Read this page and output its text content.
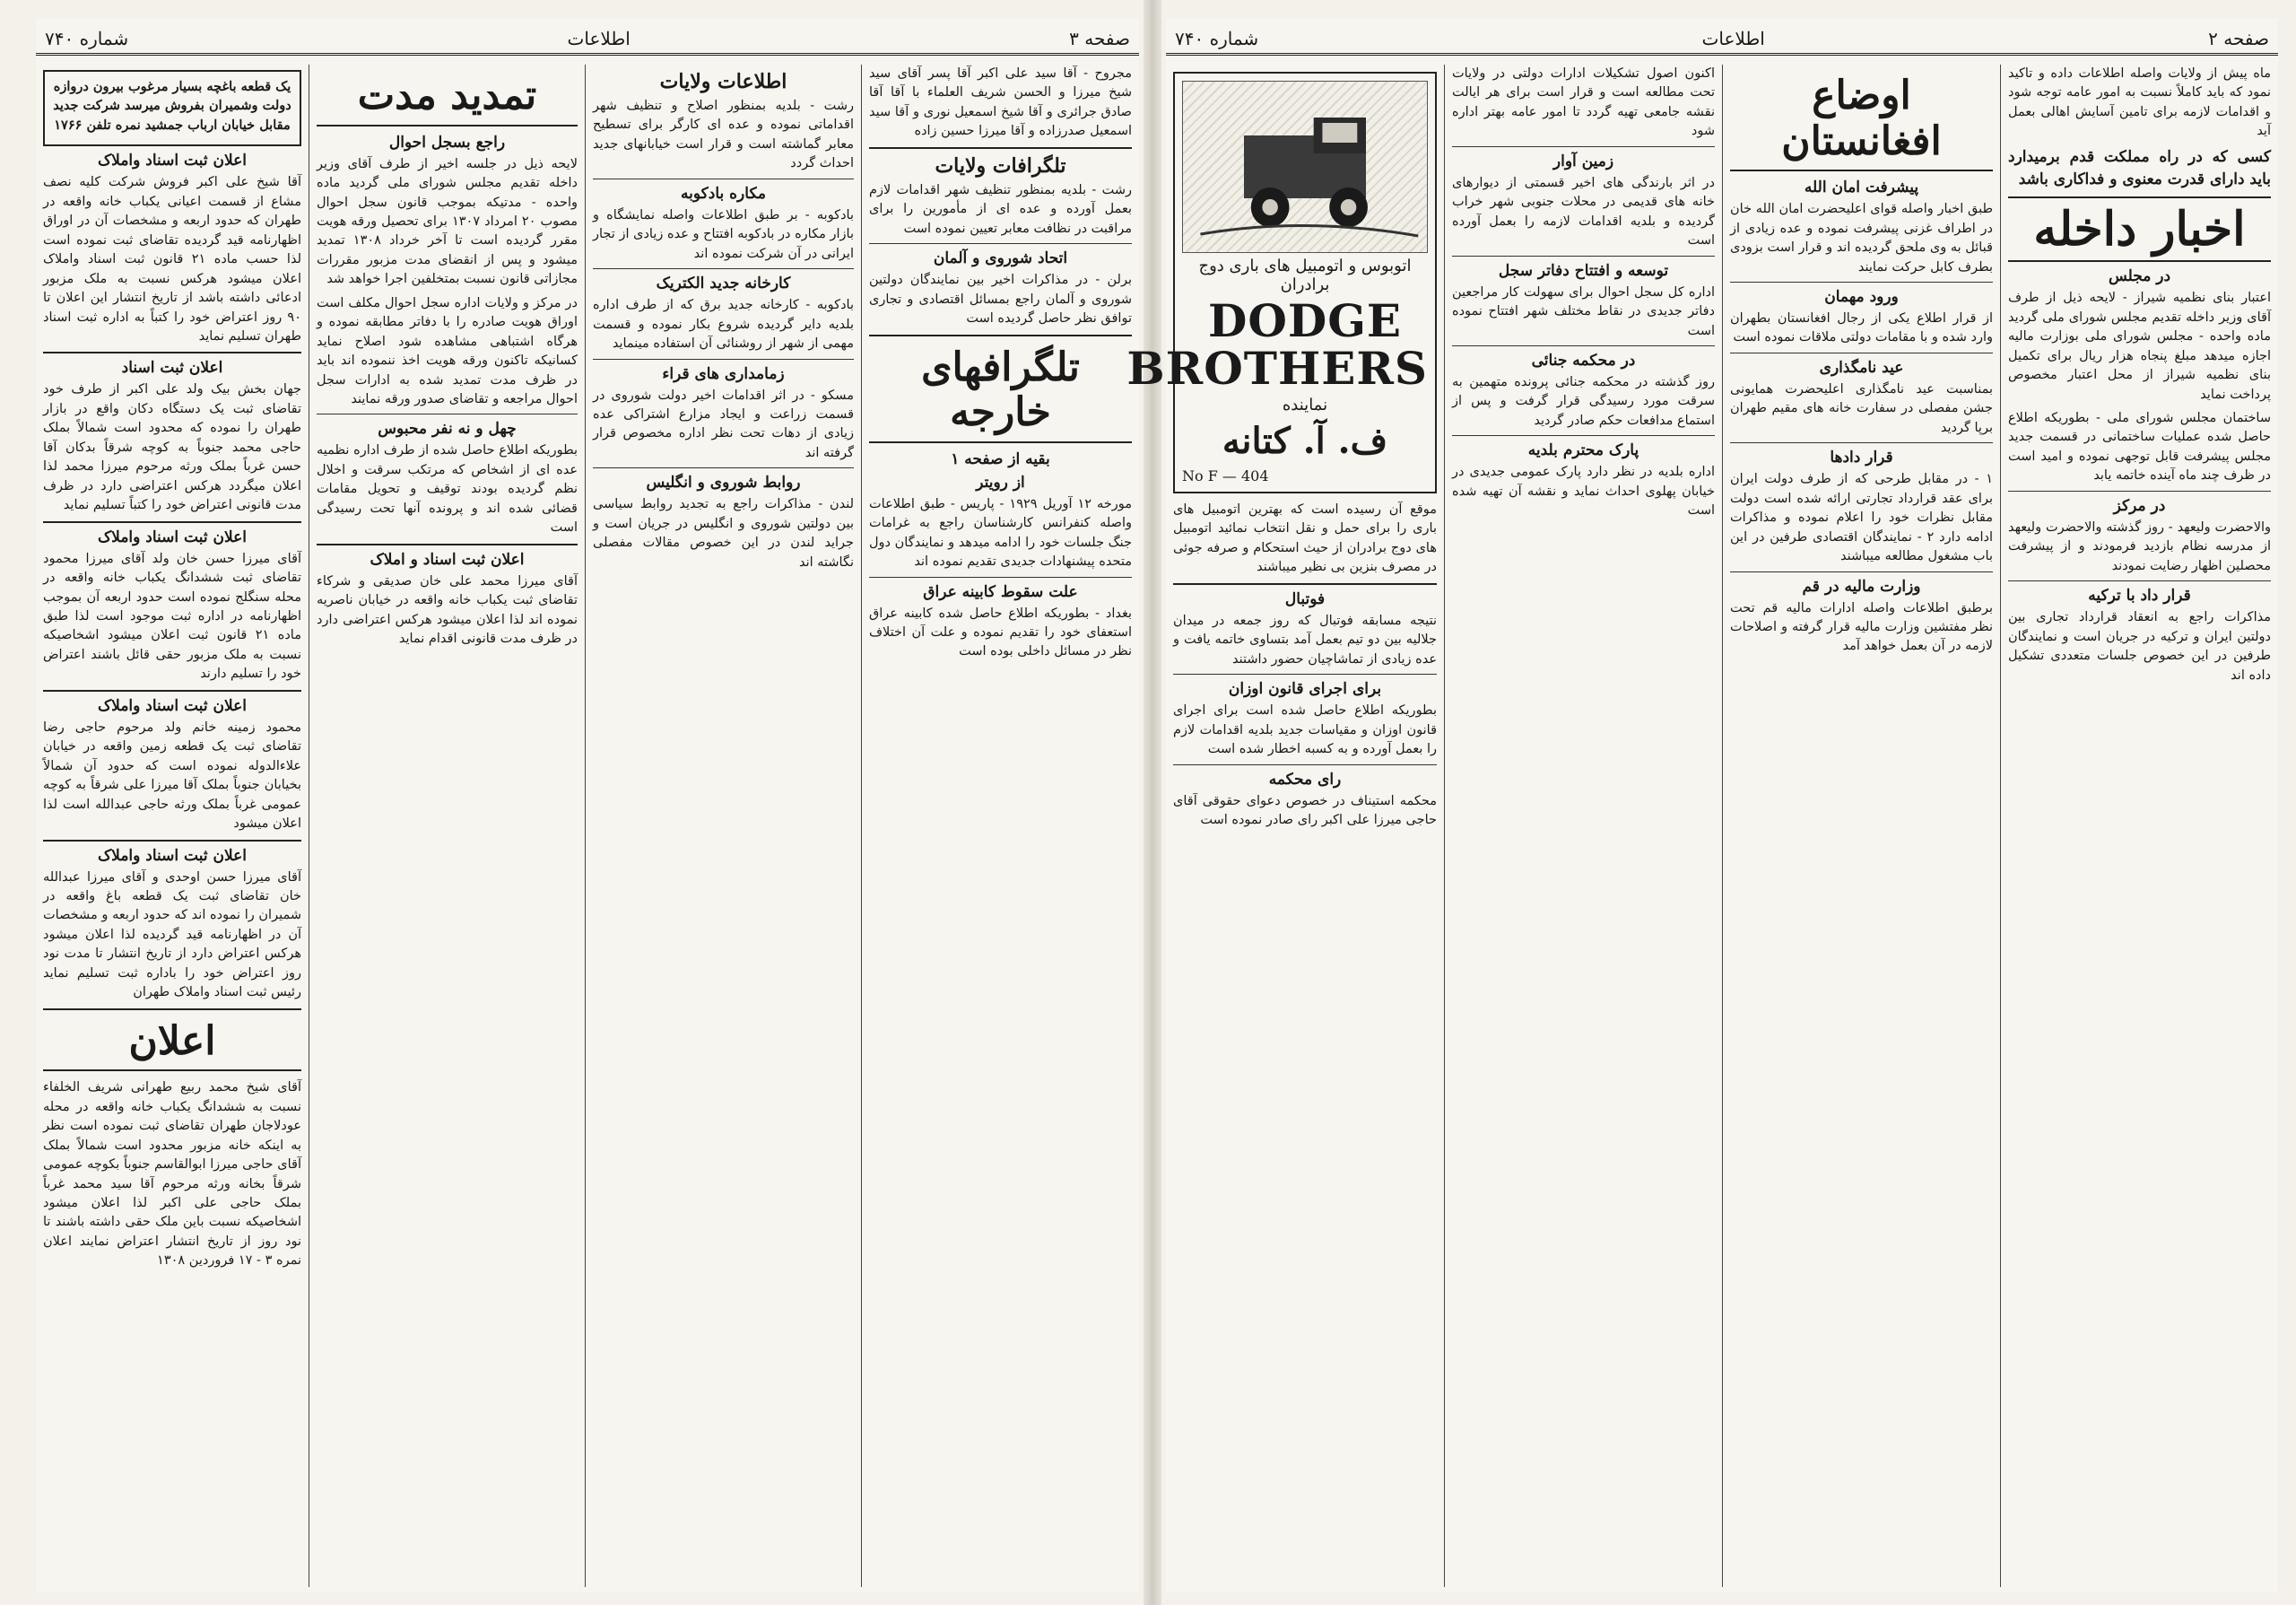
صفحه ۳
اطلاعات
شماره ۷۴۰

مجروح - آقا سید علی اکبر آقا پسر آقای سید شیخ میرزا و الحسن شریف العلماء با آقا آقا صادق جرائری و آقا شیخ اسمعیل نوری و آقا سید اسمعیل صدرزاده و آقا میرزا حسین زاده

تلگرافات ولایات

رشت - بلدیه بمنظور تنظیف شهر اقدامات لازم بعمل آورده و عده ای از مأمورین را برای مراقبت در نظافت معابر تعیین نموده است

اتحاد شوروی و آلمان

برلن - در مذاکرات اخیر بین نمایندگان دولتین شوروی و آلمان راجع بمسائل اقتصادی و تجاری توافق نظر حاصل گردیده است

تلگرافهای خارجه
بقیه از صفحه ۱
از رویتر

مورخه ۱۲ آوریل ۱۹۲۹ - پاریس - طبق اطلاعات واصله کنفرانس کارشناسان راجع به غرامات جنگ جلسات خود را ادامه میدهد و نمایندگان دول متحده پیشنهادات جدیدی تقدیم نموده اند

علت سقوط کابینه عراق

بغداد - بطوریکه اطلاع حاصل شده کابینه عراق استعفای خود را تقدیم نموده و علت آن اختلاف نظر در مسائل داخلی بوده است

اطلاعات ولایات

رشت - بلدیه بمنظور اصلاح و تنظیف شهر اقداماتی نموده و عده ای کارگر برای تسطیح معابر گماشته است و قرار است خیابانهای جدید احداث گردد

مکاره بادکوبه

بادکوبه - بر طبق اطلاعات واصله نمایشگاه و بازار مکاره در بادکوبه افتتاح و عده زیادی از تجار ایرانی در آن شرکت نموده اند

کارخانه جدید الکتریک

بادکوبه - کارخانه جدید برق که از طرف اداره بلدیه دایر گردیده شروع بکار نموده و قسمت مهمی از شهر از روشنائی آن استفاده مینماید

زمامداری های قراء

مسکو - در اثر اقدامات اخیر دولت شوروی در قسمت زراعت و ایجاد مزارع اشتراکی عده زیادی از دهات تحت نظر اداره مخصوص قرار گرفته اند

روابط شوروی و انگلیس

لندن - مذاکرات راجع به تجدید روابط سیاسی بین دولتین شوروی و انگلیس در جریان است و جراید لندن در این خصوص مقالات مفصلی نگاشته اند

تمدید مدت
راجع بسجل احوال

لایحه ذیل در جلسه اخیر از طرف آقای وزیر داخله تقدیم مجلس شورای ملی گردید ماده واحده - مدتیکه بموجب قانون سجل احوال مصوب ۲۰ امرداد ۱۳۰۷ برای تحصیل ورقه هویت مقرر گردیده است تا آخر خرداد ۱۳۰۸ تمدید میشود و پس از انقضای مدت مزبور مقررات مجازاتی قانون نسبت بمتخلفین اجرا خواهد شد

در مرکز و ولایات اداره سجل احوال مکلف است اوراق هویت صادره را با دفاتر مطابقه نموده و هرگاه اشتباهی مشاهده شود اصلاح نماید کسانیکه تاکنون ورقه هویت اخذ ننموده اند باید در ظرف مدت تمدید شده به ادارات سجل احوال مراجعه و تقاضای صدور ورقه نمایند

چهل و نه نفر محبوس

بطوریکه اطلاع حاصل شده از طرف اداره نظمیه عده ای از اشخاص که مرتکب سرقت و اخلال نظم گردیده بودند توقیف و تحویل مقامات قضائی شده اند و پرونده آنها تحت رسیدگی است

اعلان ثبت اسناد و املاک

آقای میرزا محمد علی خان صدیقی و شرکاء تقاضای ثبت یکباب خانه واقعه در خیابان ناصریه نموده اند لذا اعلان میشود هرکس اعتراضی دارد در ظرف مدت قانونی اقدام نماید

یک قطعه باغچه بسیار مرغوب بیرون دروازه دولت وشمیران بفروش میرسد شرکت جدید مقابل خیابان ارباب جمشید نمره تلفن ۱۷۶۶

اعلان ثبت اسناد واملاک

آقا شیخ علی اکبر فروش شرکت کلیه نصف مشاع از قسمت اعیانی یکباب خانه واقعه در طهران که حدود اربعه و مشخصات آن در اوراق اظهارنامه قید گردیده تقاضای ثبت نموده است لذا حسب ماده ۲۱ قانون ثبت اسناد واملاک اعلان میشود هرکس نسبت به ملک مزبور ادعائی داشته باشد از تاریخ انتشار این اعلان تا ۹۰ روز اعتراض خود را کتباً به اداره ثبت اسناد طهران تسلیم نماید

اعلان ثبت اسناد

جهان بخش بیک ولد علی اکبر از طرف خود تقاضای ثبت یک دستگاه دکان واقع در بازار طهران را نموده که محدود است شمالاً بملک حاجی محمد جنوباً به کوچه شرقاً بدکان آقا حسن غرباً بملک ورثه مرحوم میرزا محمد لذا اعلان میگردد هرکس اعتراضی دارد در ظرف مدت قانونی اعتراض خود را کتباً تسلیم نماید

اعلان ثبت اسناد واملاک

آقای میرزا حسن خان ولد آقای میرزا محمود تقاضای ثبت ششدانگ یکباب خانه واقعه در محله سنگلج نموده است حدود اربعه آن بموجب اظهارنامه در اداره ثبت موجود است لذا طبق ماده ۲۱ قانون ثبت اعلان میشود اشخاصیکه نسبت به ملک مزبور حقی قائل باشند اعتراض خود را تسلیم دارند

اعلان ثبت اسناد واملاک

محمود زمینه خانم ولد مرحوم حاجی رضا تقاضای ثبت یک قطعه زمین واقعه در خیابان علاءالدوله نموده است که حدود آن شمالاً بخیابان جنوباً بملک آقا میرزا علی شرقاً به کوچه عمومی غرباً بملک ورثه حاجی عبدالله است لذا اعلان میشود

اعلان ثبت اسناد واملاک

آقای میرزا حسن اوحدی و آقای میرزا عبدالله خان تقاضای ثبت یک قطعه باغ واقعه در شمیران را نموده اند که حدود اربعه و مشخصات آن در اظهارنامه قید گردیده لذا اعلان میشود هرکس اعتراض دارد از تاریخ انتشار تا مدت نود روز اعتراض خود را باداره ثبت تسلیم نماید رئیس ثبت اسناد واملاک طهران

اعلان

آقای شیخ محمد ربیع طهرانی شریف الخلفاء نسبت به ششدانگ یکباب خانه واقعه در محله عودلاجان طهران تقاضای ثبت نموده است نظر به اینکه خانه مزبور محدود است شمالاً بملک آقای حاجی میرزا ابوالقاسم جنوباً بکوچه عمومی شرقاً بخانه ورثه مرحوم آقا سید محمد غرباً بملک حاجی علی اکبر لذا اعلان میشود اشخاصیکه نسبت باین ملک حقی داشته باشند تا نود روز از تاریخ انتشار اعتراض نمایند اعلان نمره ۳ - ۱۷ فروردین ۱۳۰۸

صفحه ۲
اطلاعات
شماره ۷۴۰

ماه پیش از ولایات واصله اطلاعات داده و تاکید نمود که باید کاملاً نسبت به امور عامه توجه شود و اقدامات لازمه برای تامین آسایش اهالی بعمل آید

کسی که در راه مملکت قدم برمیدارد باید دارای قدرت معنوی و فداکاری باشد

اخبار داخله
در مجلس

اعتبار بنای نظمیه شیراز - لایحه ذیل از طرف آقای وزیر داخله تقدیم مجلس شورای ملی گردید ماده واحده - مجلس شورای ملی بوزارت مالیه اجازه میدهد مبلغ پنجاه هزار ریال برای تکمیل بنای نظمیه شیراز از محل اعتبار مخصوص پرداخت نماید

ساختمان مجلس شورای ملی - بطوریکه اطلاع حاصل شده عملیات ساختمانی در قسمت جدید مجلس پیشرفت قابل توجهی نموده و امید است در ظرف چند ماه آینده خاتمه یابد

در مرکز

والاحضرت ولیعهد - روز گذشته والاحضرت ولیعهد از مدرسه نظام بازدید فرمودند و از پیشرفت محصلین اظهار رضایت نمودند

قرار داد با ترکیه

مذاکرات راجع به انعقاد قرارداد تجاری بین دولتین ایران و ترکیه در جریان است و نمایندگان طرفین در این خصوص جلسات متعددی تشکیل داده اند

اوضاع افغانستان
پیشرفت امان الله

طبق اخبار واصله قوای اعلیحضرت امان الله خان در اطراف غزنی پیشرفت نموده و عده زیادی از قبائل به وی ملحق گردیده اند و قرار است بزودی بطرف کابل حرکت نمایند

ورود مهمان

از قرار اطلاع یکی از رجال افغانستان بطهران وارد شده و با مقامات دولتی ملاقات نموده است

عید نامگذاری

بمناسبت عید نامگذاری اعلیحضرت همایونی جشن مفصلی در سفارت خانه های مقیم طهران برپا گردید

قرار دادها

۱ - در مقابل طرحی که از طرف دولت ایران برای عقد قرارداد تجارتی ارائه شده است دولت مقابل نظرات خود را اعلام نموده و مذاکرات ادامه دارد ۲ - نمایندگان اقتصادی طرفین در این باب مشغول مطالعه میباشند

وزارت مالیه در قم

برطبق اطلاعات واصله ادارات مالیه قم تحت نظر مفتشین وزارت مالیه قرار گرفته و اصلاحات لازمه در آن بعمل خواهد آمد

اکنون اصول تشکیلات ادارات دولتی در ولایات تحت مطالعه است و قرار است برای هر ایالت نقشه جامعی تهیه گردد تا امور عامه بهتر اداره شود

زمین آوار

در اثر بارندگی های اخیر قسمتی از دیوارهای خانه های قدیمی در محلات جنوبی شهر خراب گردیده و بلدیه اقدامات لازمه را بعمل آورده است

توسعه و افتتاح دفاتر سجل

اداره کل سجل احوال برای سهولت کار مراجعین دفاتر جدیدی در نقاط مختلف شهر افتتاح نموده است

در محکمه جنائی

روز گذشته در محکمه جنائی پرونده متهمین به سرقت مورد رسیدگی قرار گرفت و پس از استماع مدافعات حکم صادر گردید

پارک محترم بلدیه

اداره بلدیه در نظر دارد پارک عمومی جدیدی در خیابان پهلوی احداث نماید و نقشه آن تهیه شده است

اتوبوس و اتومبیل های باری دوج برادران
DODGE BROTHERS
نماینده
ف. آ. کتانه
No F — 404

موقع آن رسیده است که بهترین اتومبیل های باری را برای حمل و نقل انتخاب نمائید اتومبیل های دوج برادران از حیث استحکام و صرفه جوئی در مصرف بنزین بی نظیر میباشند

فوتبال

نتیجه مسابقه فوتبال که روز جمعه در میدان جلالیه بین دو تیم بعمل آمد بتساوی خاتمه یافت و عده زیادی از تماشاچیان حضور داشتند

برای اجرای قانون اوزان

بطوریکه اطلاع حاصل شده است برای اجرای قانون اوزان و مقیاسات جدید بلدیه اقدامات لازم را بعمل آورده و به کسبه اخطار شده است

رای محکمه

محکمه استیناف در خصوص دعوای حقوقی آقای حاجی میرزا علی اکبر رای صادر نموده است
